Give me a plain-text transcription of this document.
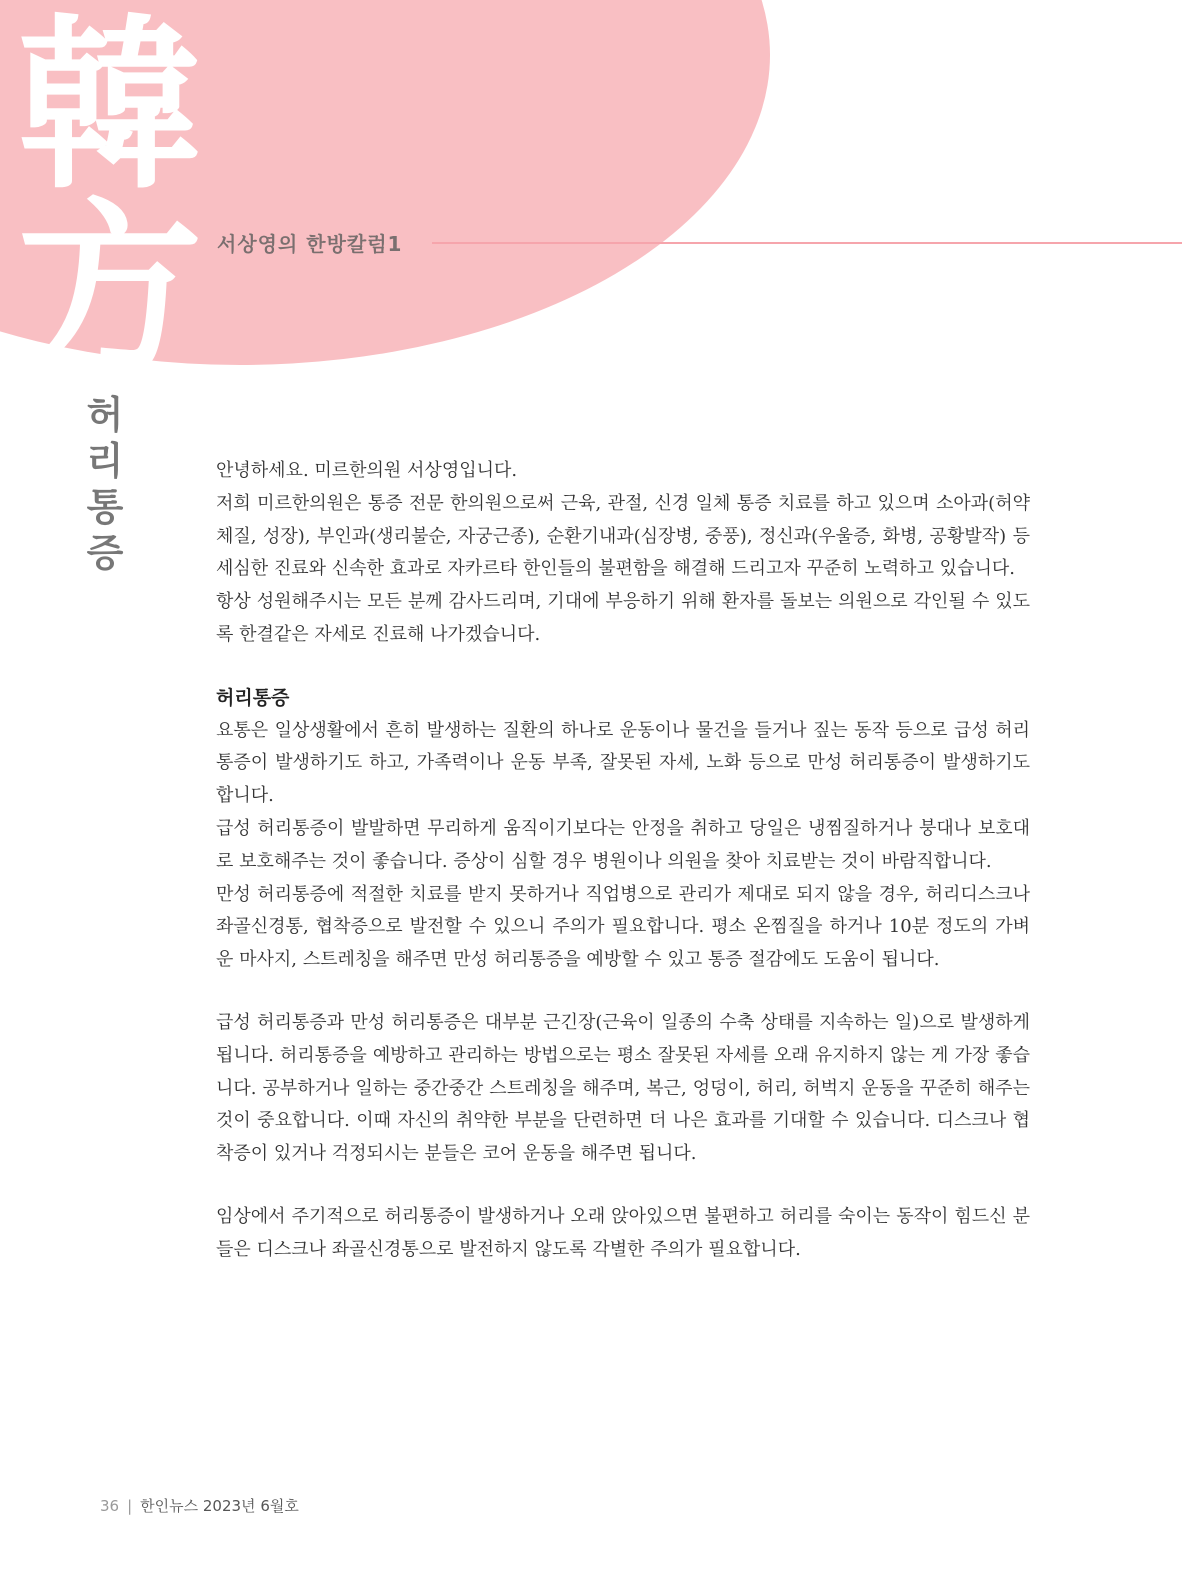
韓
方 서상영의 한방칼럼1
허
리
통
증

안녕하세요. 미르한의원 서상영입니다.

저희 미르한의원은 통증 전문 한의원으로써 근육, 관절, 신경 일체 통증 치료를 하고 있으며 소아과(허약체질, 성장), 부인과(생리불순, 자궁근종), 순환기내과(심장병, 중풍), 정신과(우울증, 화병, 공황발작) 등 세심한 진료와 신속한 효과로 자카르타 한인들의 불편함을 해결해 드리고자 꾸준히 노력하고 있습니다.

항상 성원해주시는 모든 분께 감사드리며, 기대에 부응하기 위해 환자를 돌보는 의원으로 각인될 수 있도록 한결같은 자세로 진료해 나가겠습니다.

허리통증

요통은 일상생활에서 흔히 발생하는 질환의 하나로 운동이나 물건을 들거나 짚는 동작 등으로 급성 허리통증이 발생하기도 하고, 가족력이나 운동 부족, 잘못된 자세, 노화 등으로 만성 허리통증이 발생하기도 합니다.

급성 허리통증이 발발하면 무리하게 움직이기보다는 안정을 취하고 당일은 냉찜질하거나 붕대나 보호대로 보호해주는 것이 좋습니다. 증상이 심할 경우 병원이나 의원을 찾아 치료받는 것이 바람직합니다.

만성 허리통증에 적절한 치료를 받지 못하거나 직업병으로 관리가 제대로 되지 않을 경우, 허리디스크나 좌골신경통, 협착증으로 발전할 수 있으니 주의가 필요합니다. 평소 온찜질을 하거나 10분 정도의 가벼운 마사지, 스트레칭을 해주면 만성 허리통증을 예방할 수 있고 통증 절감에도 도움이 됩니다.

급성 허리통증과 만성 허리통증은 대부분 근긴장(근육이 일종의 수축 상태를 지속하는 일)으로 발생하게 됩니다. 허리통증을 예방하고 관리하는 방법으로는 평소 잘못된 자세를 오래 유지하지 않는 게 가장 좋습니다. 공부하거나 일하는 중간중간 스트레칭을 해주며, 복근, 엉덩이, 허리, 허벅지 운동을 꾸준히 해주는 것이 중요합니다. 이때 자신의 취약한 부분을 단련하면 더 나은 효과를 기대할 수 있습니다. 디스크나 협착증이 있거나 걱정되시는 분들은 코어 운동을 해주면 됩니다.

임상에서 주기적으로 허리통증이 발생하거나 오래 앉아있으면 불편하고 허리를 숙이는 동작이 힘드신 분들은 디스크나 좌골신경통으로 발전하지 않도록 각별한 주의가 필요합니다.

36 | 한인뉴스 2023년 6월호
